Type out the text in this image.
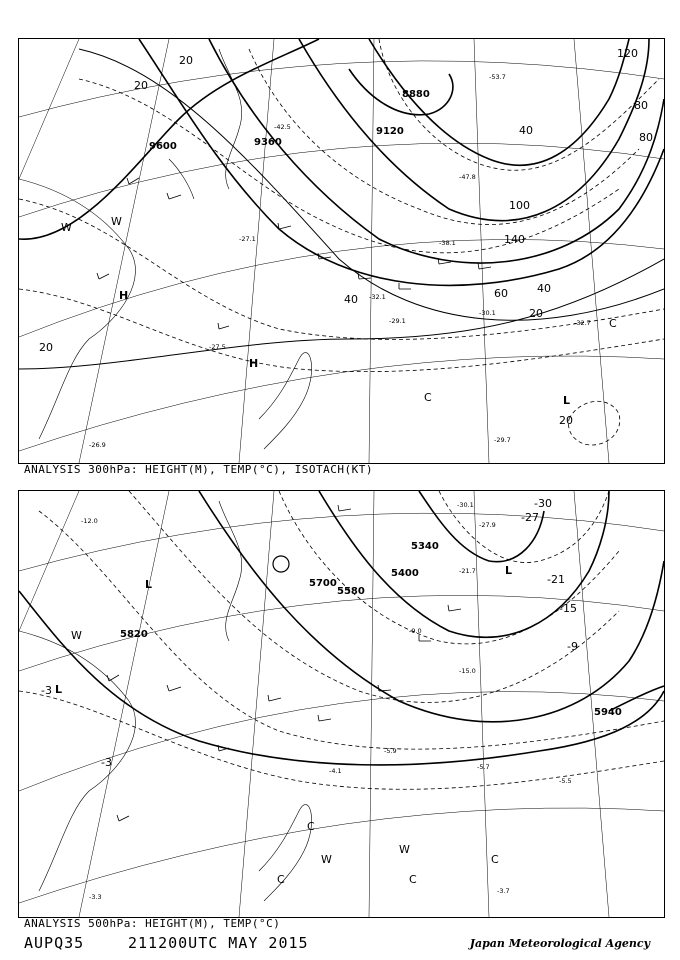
8880
9360
9120
9600
20
20
20
20
20
40
40
40
60
80
80
100
120
140
H
H
L
C
W	W
C
-53.7
-47.8
-42.5
-38.1
-32.1
-29.1
-27.1
-29.7
-26.9
-30.1
-32.7
-27.5
ANALYSIS 300hPa: HEIGHT(M), TEMP(°C), ISOTACH(KT)
5340
5400
5580
5700
5820
5940
-3
-3
-9
-15
-21
-27
-30
L
L
L
W
C
C
W	C
C
W
-21.7
-15.0
-9.0
-5.9
-4.1
-3.7
-5.5
-3.3
-5.7
-30.1
-27.9
-12.0
ANALYSIS 500hPa: HEIGHT(M), TEMP(°C)
AUPQ35	211200UTC MAY 2015	Japan Meteorological Agency
